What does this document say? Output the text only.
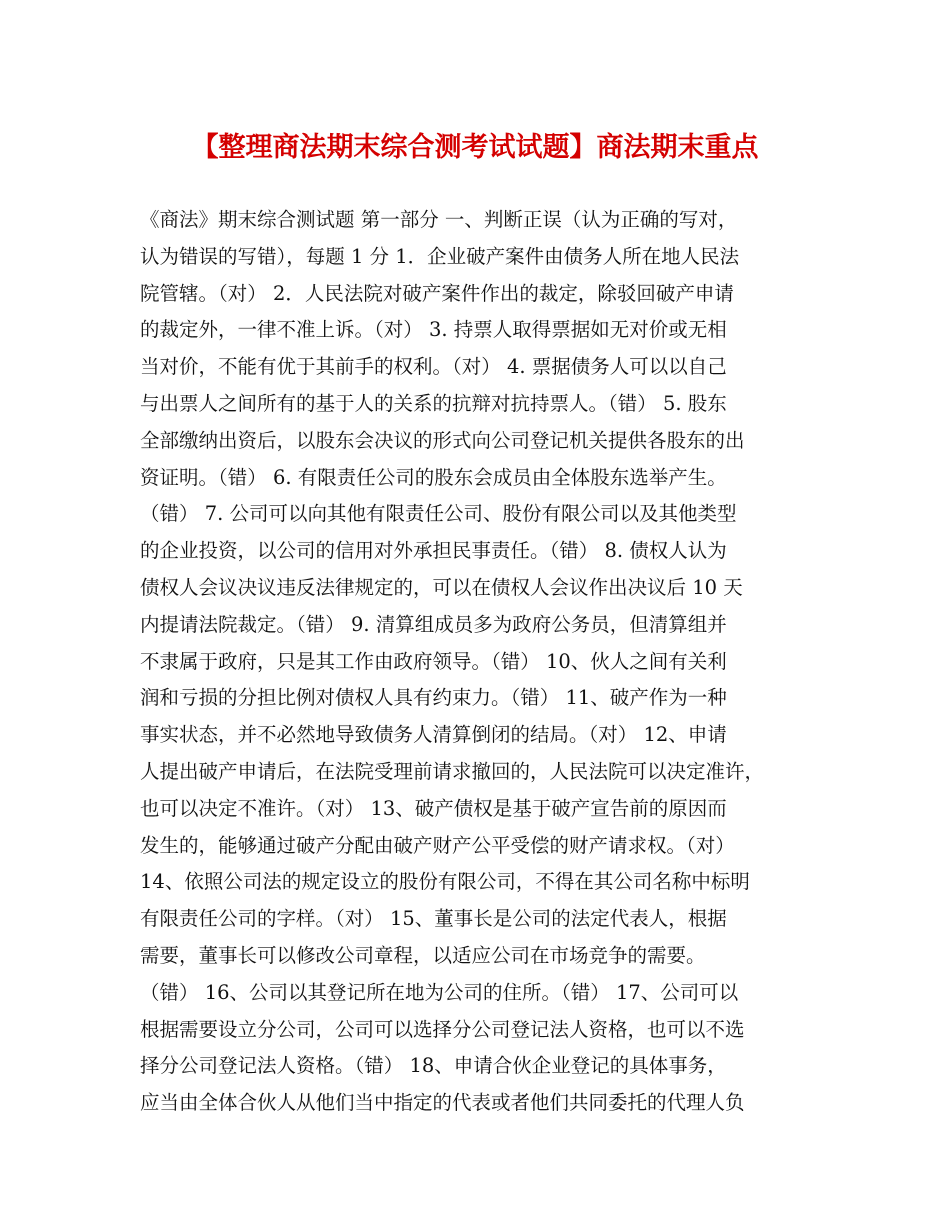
【整理商法期末综合测考试试题】商法期末重点
《商法》期末综合测试题 第一部分 一、判断正误（认为正确的写对，
认为错误的写错），每题 1 分 1．企业破产案件由债务人所在地人民法
院管辖。（对） 2．人民法院对破产案件作出的裁定，除驳回破产申请
的裁定外，一律不准上诉。（对） 3. 持票人取得票据如无对价或无相
当对价，不能有优于其前手的权利。（对） 4. 票据债务人可以以自己
与出票人之间所有的基于人的关系的抗辩对抗持票人。（错） 5. 股东
全部缴纳出资后，以股东会决议的形式向公司登记机关提供各股东的出
资证明。（错） 6. 有限责任公司的股东会成员由全体股东选举产生。
（错） 7. 公司可以向其他有限责任公司、股份有限公司以及其他类型
的企业投资，以公司的信用对外承担民事责任。（错） 8. 债权人认为
债权人会议决议违反法律规定的，可以在债权人会议作出决议后 10 天
内提请法院裁定。（错） 9. 清算组成员多为政府公务员，但清算组并
不隶属于政府，只是其工作由政府领导。（错） 10、伙人之间有关利
润和亏损的分担比例对债权人具有约束力。（错） 11、破产作为一种
事实状态，并不必然地导致债务人清算倒闭的结局。（对） 12、申请
人提出破产申请后，在法院受理前请求撤回的，人民法院可以决定准许，
也可以决定不准许。（对） 13、破产债权是基于破产宣告前的原因而
发生的，能够通过破产分配由破产财产公平受偿的财产请求权。（对）
14、依照公司法的规定设立的股份有限公司，不得在其公司名称中标明
有限责任公司的字样。（对） 15、董事长是公司的法定代表人，根据
需要，董事长可以修改公司章程，以适应公司在市场竞争的需要。
（错） 16、公司以其登记所在地为公司的住所。（错） 17、公司可以
根据需要设立分公司，公司可以选择分公司登记法人资格，也可以不选
择分公司登记法人资格。（错） 18、申请合伙企业登记的具体事务，
应当由全体合伙人从他们当中指定的代表或者他们共同委托的代理人负
